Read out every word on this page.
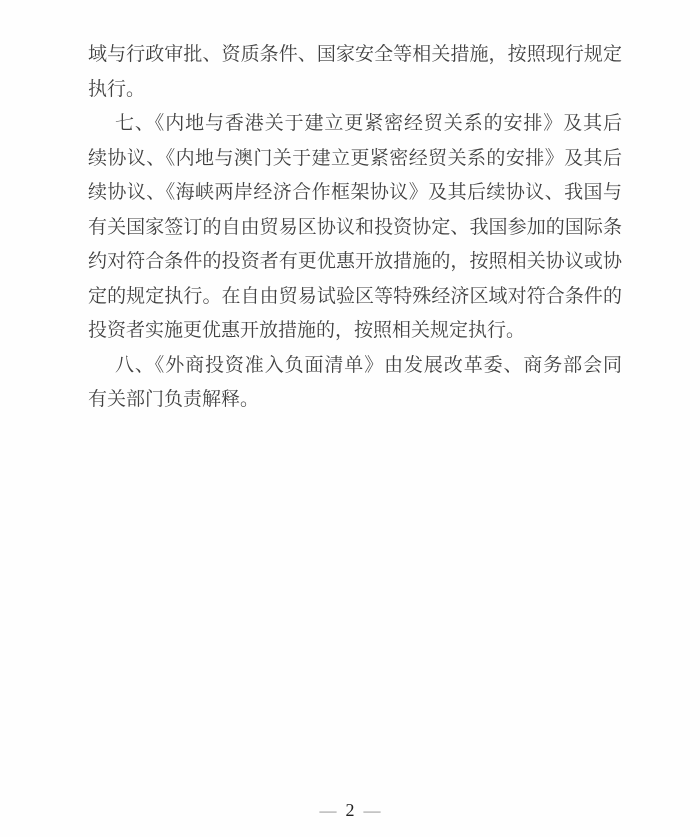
域与行政审批、资质条件、国家安全等相关措施，按照现行规定
执行。
七、《内地与香港关于建立更紧密经贸关系的安排》及其后
续协议、《内地与澳门关于建立更紧密经贸关系的安排》及其后
续协议、《海峡两岸经济合作框架协议》及其后续协议、我国与
有关国家签订的自由贸易区协议和投资协定、我国参加的国际条
约对符合条件的投资者有更优惠开放措施的，按照相关协议或协
定的规定执行。在自由贸易试验区等特殊经济区域对符合条件的
投资者实施更优惠开放措施的，按照相关规定执行。
八、《外商投资准入负面清单》由发展改革委、商务部会同
有关部门负责解释。
— 2 —
